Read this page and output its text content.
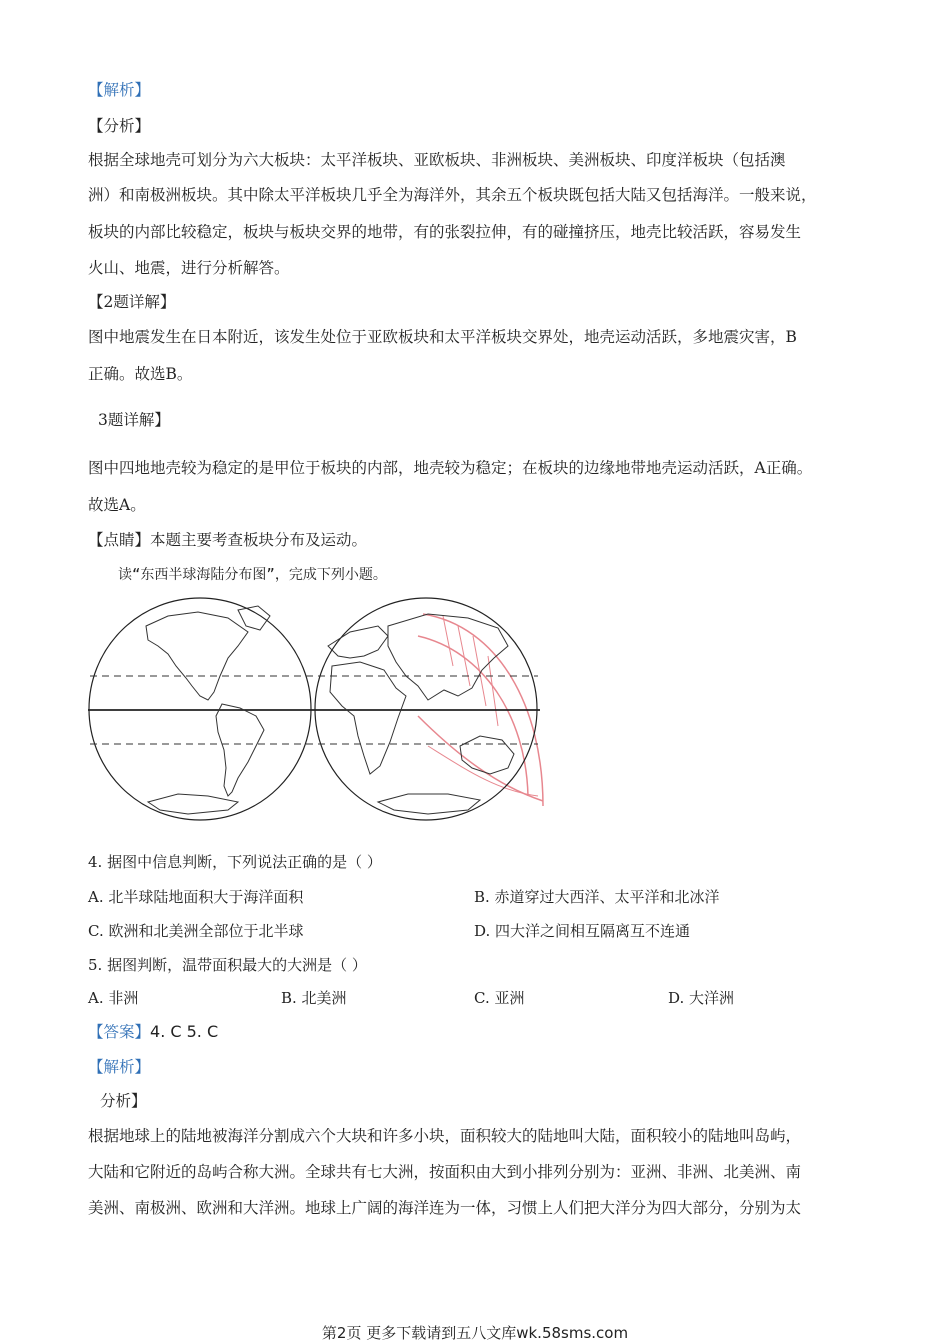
【解析】
【分析】
根据全球地壳可划分为六大板块：太平洋板块、亚欧板块、非洲板块、美洲板块、印度洋板块（包括澳
洲）和南极洲板块。其中除太平洋板块几乎全为海洋外，其余五个板块既包括大陆又包括海洋。一般来说，
板块的内部比较稳定，板块与板块交界的地带，有的张裂拉伸，有的碰撞挤压，地壳比较活跃，容易发生
火山、地震，进行分析解答。
【2题详解】
图中地震发生在日本附近，该发生处位于亚欧板块和太平洋板块交界处，地壳运动活跃，多地震灾害，B
正确。故选B。
3题详解】
图中四地地壳较为稳定的是甲位于板块的内部，地壳较为稳定；在板块的边缘地带地壳运动活跃，A正确。
故选A。
【点睛】本题主要考查板块分布及运动。
读“东西半球海陆分布图”，完成下列小题。
4. 据图中信息判断，下列说法正确的是（ ）
A. 北半球陆地面积大于海洋面积	B. 赤道穿过大西洋、太平洋和北冰洋
C. 欧洲和北美洲全部位于北半球	D. 四大洋之间相互隔离互不连通
5. 据图判断，温带面积最大的大洲是（ ）
A. 非洲	B. 北美洲	C. 亚洲	D. 大洋洲
【答案】4. C 5. C
【解析】
分析】
根据地球上的陆地被海洋分割成六个大块和许多小块，面积较大的陆地叫大陆，面积较小的陆地叫岛屿，
大陆和它附近的岛屿合称大洲。全球共有七大洲，按面积由大到小排列分别为：亚洲、非洲、北美洲、南
美洲、南极洲、欧洲和大洋洲。地球上广阔的海洋连为一体，习惯上人们把大洋分为四大部分，分别为太
第2页 更多下载请到五八文库wk.58sms.com
